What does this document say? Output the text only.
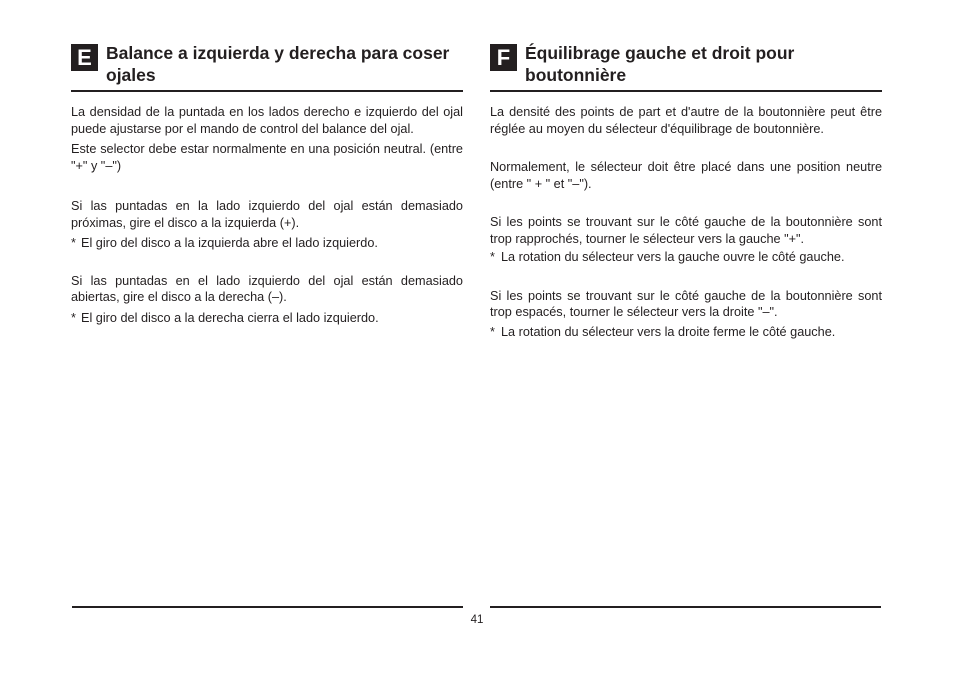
E Balance a izquierda y derecha para coser ojales

La densidad de la puntada en los lados derecho e izquierdo del ojal puede ajustarse por el mando de control del balance del ojal.

Este selector debe estar normalmente en una posición neutral. (entre "+" y "–")

Si las puntadas en la lado izquierdo del ojal están demasiado próximas, gire el disco a la izquierda (+).

* El giro del disco a la izquierda abre el lado izquierdo.

Si las puntadas en el lado izquierdo del ojal están demasiado abiertas, gire el disco a la derecha (–).

* El giro del disco a la derecha cierra el lado izquierdo.

F Équilibrage gauche et droit pour boutonnière

La densité des points de part et d'autre de la boutonnière peut être réglée au moyen du sélecteur d'équilibrage de boutonnière.

Normalement, le sélecteur doit être placé dans une position neutre (entre " + " et "–").

Si les points se trouvant sur le côté gauche de la boutonnière sont trop rapprochés, tourner le sélecteur vers la gauche "+".

* La rotation du sélecteur vers la gauche ouvre le côté gauche.

Si les points se trouvant sur le côté gauche de la boutonnière sont trop espacés, tourner le sélecteur vers la droite "–".

* La rotation du sélecteur vers la droite ferme le côté gauche.

41
